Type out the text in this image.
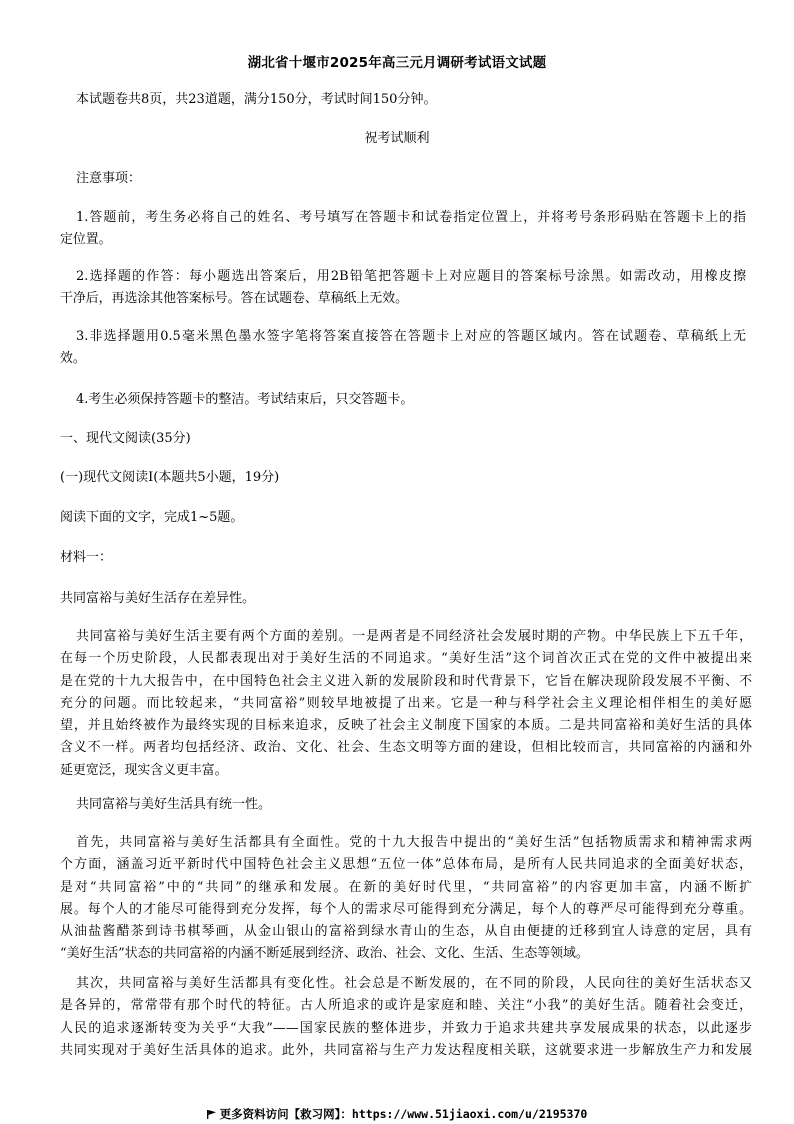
湖北省十堰市2025年高三元月调研考试语文试题
本试题卷共8页，共23道题，满分150分，考试时间150分钟。
祝考试顺利
注意事项：
1.答题前，考生务必将自己的姓名、考号填写在答题卡和试卷指定位置上，并将考号条形码贴在答题卡上的指
定位置。
2.选择题的作答：每小题选出答案后，用2B铅笔把答题卡上对应题目的答案标号涂黑。如需改动，用橡皮擦
干净后，再选涂其他答案标号。答在试题卷、草稿纸上无效。
3.非选择题用0.5毫米黑色墨水签字笔将答案直接答在答题卡上对应的答题区域内。答在试题卷、草稿纸上无
效。
4.考生必须保持答题卡的整洁。考试结束后，只交答题卡。
一、现代文阅读(35分)
(一)现代文阅读Ⅰ(本题共5小题，19分)
阅读下面的文字，完成1~5题。
材料一：
共同富裕与美好生活存在差异性。
共同富裕与美好生活主要有两个方面的差别。一是两者是不同经济社会发展时期的产物。中华民族上下五千年，
在每一个历史阶段，人民都表现出对于美好生活的不同追求。“美好生活”这个词首次正式在党的文件中被提出来
是在党的十九大报告中，在中国特色社会主义进入新的发展阶段和时代背景下，它旨在解决现阶段发展不平衡、不
充分的问题。而比较起来，“共同富裕”则较早地被提了出来。它是一种与科学社会主义理论相伴相生的美好愿
望，并且始终被作为最终实现的目标来追求，反映了社会主义制度下国家的本质。二是共同富裕和美好生活的具体
含义不一样。两者均包括经济、政治、文化、社会、生态文明等方面的建设，但相比较而言，共同富裕的内涵和外
延更宽泛，现实含义更丰富。
共同富裕与美好生活具有统一性。
首先，共同富裕与美好生活都具有全面性。党的十九大报告中提出的“美好生活”包括物质需求和精神需求两
个方面，涵盖习近平新时代中国特色社会主义思想“五位一体”总体布局，是所有人民共同追求的全面美好状态，
是对“共同富裕”中的“共同”的继承和发展。在新的美好时代里，“共同富裕”的内容更加丰富，内涵不断扩
展。每个人的才能尽可能得到充分发挥，每个人的需求尽可能得到充分满足，每个人的尊严尽可能得到充分尊重。
从油盐酱醋茶到诗书棋琴画，从金山银山的富裕到绿水青山的生态，从自由便捷的迁移到宜人诗意的定居，具有
“美好生活”状态的共同富裕的内涵不断延展到经济、政治、社会、文化、生活、生态等领域。
其次，共同富裕与美好生活都具有变化性。社会总是不断发展的，在不同的阶段，人民向往的美好生活状态又
是各异的，常常带有那个时代的特征。古人所追求的或许是家庭和睦、关注“小我”的美好生活。随着社会变迁，
人民的追求逐渐转变为关乎“大我”——国家民族的整体进步，并致力于追求共建共享发展成果的状态，以此逐步
共同实现对于美好生活具体的追求。此外，共同富裕与生产力发达程度相关联，这就要求进一步解放生产力和发展
更多资料访问【救习网】：https://www.51jiaoxi.com/u/2195370
